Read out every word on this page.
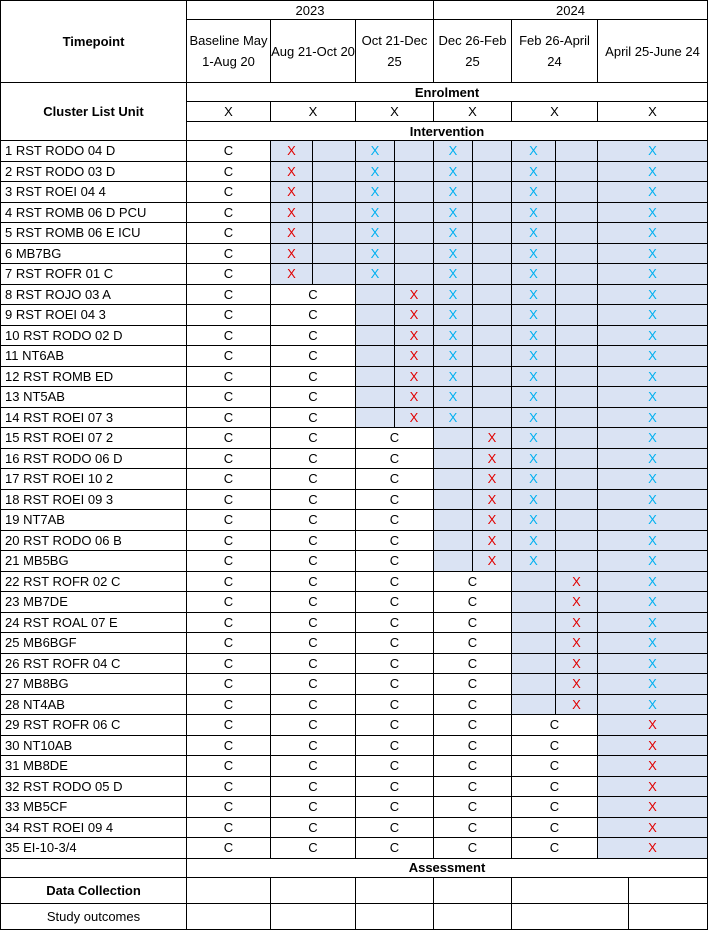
Timepoint	2023					2024					
	Baseline May 1-Aug 20	Aug 21-Oct 20		Oct 21-Dec 25		Dec 26-Feb 25		Feb 26-April 24		April 25-June 24	
Cluster List Unit	Enrolment										
	X	X		X		X		X		X	
	Intervention										
1 RST RODO 04 D	C	X		X		X		X		X	
2 RST RODO 03 D	C	X		X		X		X		X	
3 RST ROEI 04 4	C	X		X		X		X		X	
4 RST ROMB 06 D PCU	C	X		X		X		X		X	
5 RST ROMB 06 E ICU	C	X		X		X		X		X	
6 MB7BG	C	X		X		X		X		X	
7 RST ROFR 01 C	C	X		X		X		X		X	
8 RST ROJO 03 A	C	C			X	X		X		X	
9 RST ROEI 04 3	C	C			X	X		X		X	
10 RST RODO 02 D	C	C			X	X		X		X	
11 NT6AB	C	C			X	X		X		X	
12 RST ROMB ED	C	C			X	X		X		X	
13 NT5AB	C	C			X	X		X		X	
14 RST ROEI 07 3	C	C			X	X		X		X	
15 RST ROEI 07 2	C	C		C			X	X		X	
16 RST RODO 06 D	C	C		C			X	X		X	
17 RST ROEI 10 2	C	C		C			X	X		X	
18 RST ROEI 09 3	C	C		C			X	X		X	
19 NT7AB	C	C		C			X	X		X	
20 RST RODO 06 B	C	C		C			X	X		X	
21 MB5BG	C	C		C			X	X		X	
22 RST ROFR 02 C	C	C		C		C			X	X	
23 MB7DE	C	C		C		C			X	X	
24 RST ROAL 07 E	C	C		C		C			X	X	
25 MB6BGF	C	C		C		C			X	X	
26 RST ROFR 04 C	C	C		C		C			X	X	
27 MB8BG	C	C		C		C			X	X	
28 NT4AB	C	C		C		C			X	X	
29 RST ROFR 06 C	C	C		C		C		C		X	
30 NT10AB	C	C		C		C		C		X	
31 MB8DE	C	C		C		C		C		X	
32 RST RODO 05 D	C	C		C		C		C		X	
33 MB5CF	C	C		C		C		C		X	
34 RST ROEI 09 4	C	C		C		C		C		X	
35 EI-10-3/4	C	C		C		C		C		X	
	Assessment										
Data Collection											
Study outcomes											
